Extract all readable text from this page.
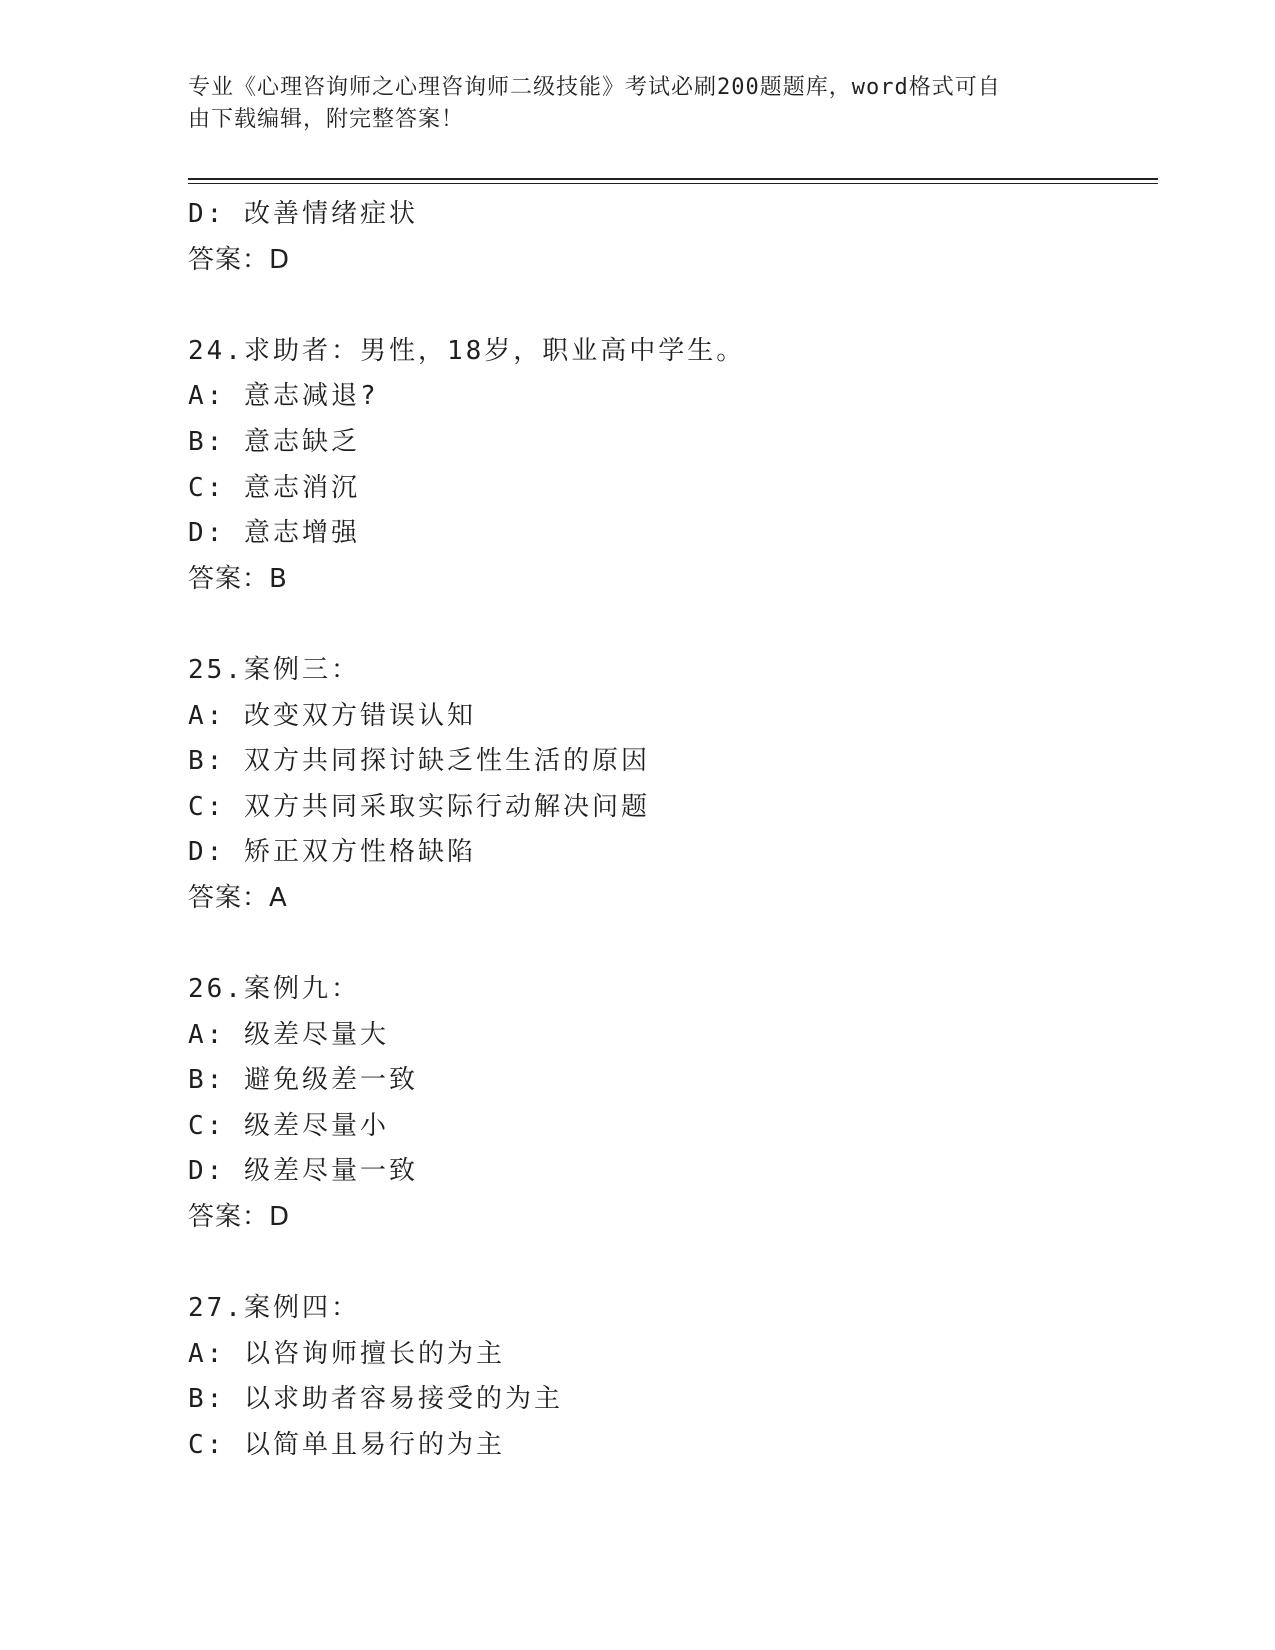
专业《心理咨询师之心理咨询师二级技能》考试必刷200题题库，word格式可自
由下载编辑，附完整答案！
D: 改善情绪症状
答案：D
24.求助者：男性，18岁，职业高中学生。
A: 意志减退?
B: 意志缺乏
C: 意志消沉
D: 意志增强
答案：B
25.案例三：
A: 改变双方错误认知
B: 双方共同探讨缺乏性生活的原因
C: 双方共同采取实际行动解决问题
D: 矫正双方性格缺陷
答案：A
26.案例九：
A: 级差尽量大
B: 避免级差一致
C: 级差尽量小
D: 级差尽量一致
答案：D
27.案例四：
A: 以咨询师擅长的为主
B: 以求助者容易接受的为主
C: 以简单且易行的为主
